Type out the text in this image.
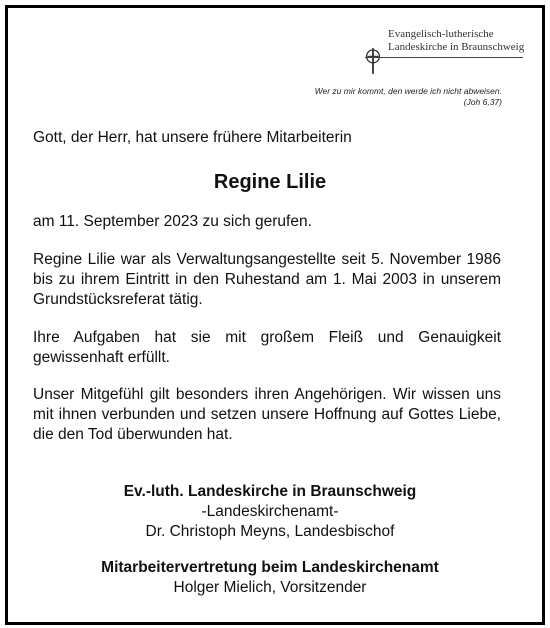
Evangelisch-lutherische
Landeskirche in Braunschweig
Wer zu mir kommt, den werde ich nicht abweisen.
(Joh 6,37)
Gott, der Herr, hat unsere frühere Mitarbeiterin
Regine Lilie
am 11. September 2023 zu sich gerufen.
Regine Lilie war als Verwaltungsangestellte seit 5. November 1986 bis zu ihrem Eintritt in den Ruhestand am 1. Mai 2003 in unserem Grundstücksreferat tätig.
Ihre Aufgaben hat sie mit großem Fleiß und Genauigkeit gewissenhaft erfüllt.
Unser Mitgefühl gilt besonders ihren Angehörigen. Wir wissen uns mit ihnen verbunden und setzen unsere Hoffnung auf Gottes Liebe, die den Tod überwunden hat.
Ev.-luth. Landeskirche in Braunschweig
-Landeskirchenamt-
Dr. Christoph Meyns, Landesbischof
Mitarbeitervertretung beim Landeskirchenamt
Holger Mielich, Vorsitzender
